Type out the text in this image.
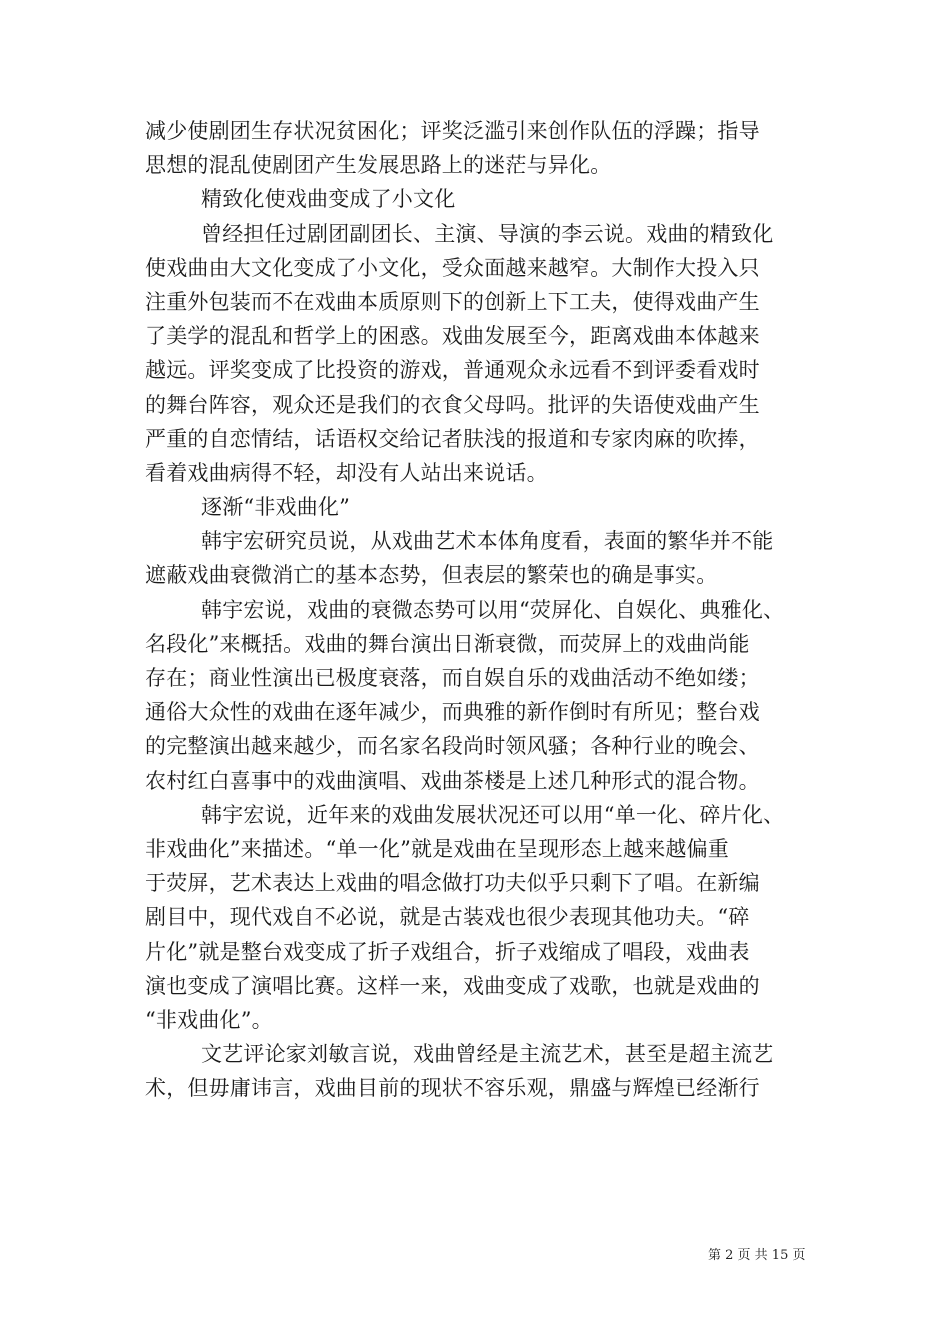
减少使剧团生存状况贫困化；评奖泛滥引来创作队伍的浮躁；指导
思想的混乱使剧团产生发展思路上的迷茫与异化。
精致化使戏曲变成了小文化
曾经担任过剧团副团长、主演、导演的李云说。戏曲的精致化
使戏曲由大文化变成了小文化，受众面越来越窄。大制作大投入只
注重外包装而不在戏曲本质原则下的创新上下工夫，使得戏曲产生
了美学的混乱和哲学上的困惑。戏曲发展至今，距离戏曲本体越来
越远。评奖变成了比投资的游戏，普通观众永远看不到评委看戏时
的舞台阵容，观众还是我们的衣食父母吗。批评的失语使戏曲产生
严重的自恋情结，话语权交给记者肤浅的报道和专家肉麻的吹捧，
看着戏曲病得不轻，却没有人站出来说话。
逐渐“非戏曲化”
韩宇宏研究员说，从戏曲艺术本体角度看，表面的繁华并不能
遮蔽戏曲衰微消亡的基本态势，但表层的繁荣也的确是事实。
韩宇宏说，戏曲的衰微态势可以用“荧屏化、自娱化、典雅化、
名段化”来概括。戏曲的舞台演出日渐衰微，而荧屏上的戏曲尚能
存在；商业性演出已极度衰落，而自娱自乐的戏曲活动不绝如缕；
通俗大众性的戏曲在逐年减少，而典雅的新作倒时有所见；整台戏
的完整演出越来越少，而名家名段尚时领风骚；各种行业的晚会、
农村红白喜事中的戏曲演唱、戏曲茶楼是上述几种形式的混合物。
韩宇宏说，近年来的戏曲发展状况还可以用“单一化、碎片化、
非戏曲化”来描述。“单一化”就是戏曲在呈现形态上越来越偏重
于荧屏，艺术表达上戏曲的唱念做打功夫似乎只剩下了唱。在新编
剧目中，现代戏自不必说，就是古装戏也很少表现其他功夫。“碎
片化”就是整台戏变成了折子戏组合，折子戏缩成了唱段，戏曲表
演也变成了演唱比赛。这样一来，戏曲变成了戏歌，也就是戏曲的
“非戏曲化”。
文艺评论家刘敏言说，戏曲曾经是主流艺术，甚至是超主流艺
术，但毋庸讳言，戏曲目前的现状不容乐观，鼎盛与辉煌已经渐行
第 2 页 共 15 页
